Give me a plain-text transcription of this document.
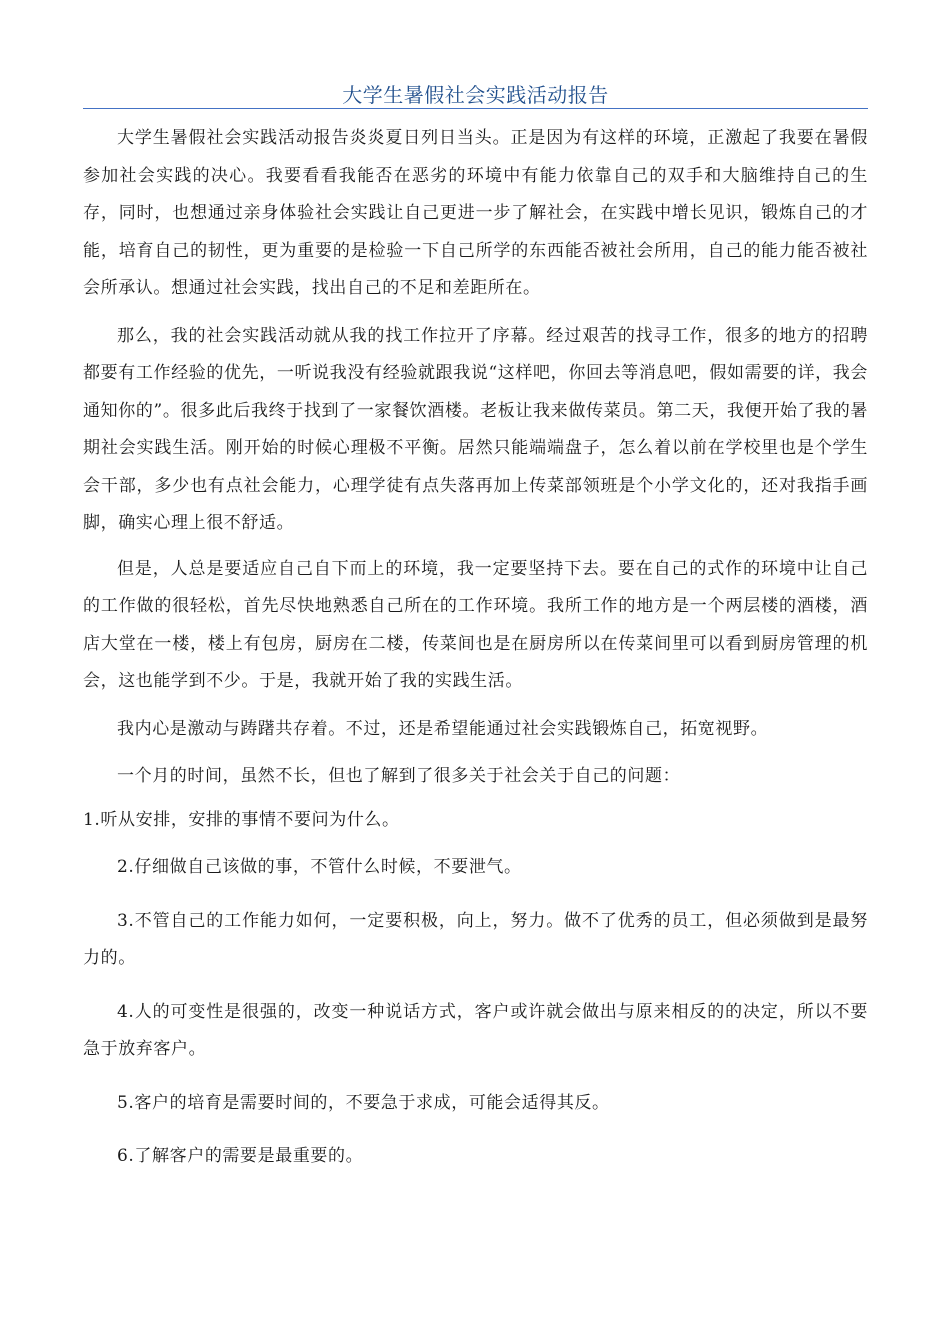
大学生暑假社会实践活动报告

大学生暑假社会实践活动报告炎炎夏日列日当头。正是因为有这样的环境，正激起了我要在暑假参加社会实践的决心。我要看看我能否在恶劣的环境中有能力依靠自己的双手和大脑维持自己的生存，同时，也想通过亲身体验社会实践让自己更进一步了解社会，在实践中增长见识，锻炼自己的才能，培育自己的韧性，更为重要的是检验一下自己所学的东西能否被社会所用，自己的能力能否被社会所承认。想通过社会实践，找出自己的不足和差距所在。

那么，我的社会实践活动就从我的找工作拉开了序幕。经过艰苦的找寻工作，很多的地方的招聘都要有工作经验的优先，一听说我没有经验就跟我说“这样吧，你回去等消息吧，假如需要的详，我会通知你的”。很多此后我终于找到了一家餐饮酒楼。老板让我来做传菜员。第二天，我便开始了我的暑期社会实践生活。刚开始的时候心理极不平衡。居然只能端端盘子，怎么着以前在学校里也是个学生会干部，多少也有点社会能力，心理学徒有点失落再加上传菜部领班是个小学文化的，还对我指手画脚，确实心理上很不舒适。

但是，人总是要适应自己自下而上的环境，我一定要坚持下去。要在自己的式作的环境中让自己的工作做的很轻松，首先尽快地熟悉自己所在的工作环境。我所工作的地方是一个两层楼的酒楼，酒店大堂在一楼，楼上有包房，厨房在二楼，传菜间也是在厨房所以在传菜间里可以看到厨房管理的机会，这也能学到不少。于是，我就开始了我的实践生活。

我内心是激动与踌躇共存着。不过，还是希望能通过社会实践锻炼自己，拓宽视野。

一个月的时间，虽然不长，但也了解到了很多关于社会关于自己的问题：

1.听从安排，安排的事情不要问为什么。
2.仔细做自己该做的事，不管什么时候，不要泄气。
3.不管自己的工作能力如何，一定要积极，向上，努力。做不了优秀的员工，但必须做到是最努力的。
4.人的可变性是很强的，改变一种说话方式，客户或许就会做出与原来相反的的决定，所以不要急于放弃客户。
5.客户的培育是需要时间的，不要急于求成，可能会适得其反。
6.了解客户的需要是最重要的。
